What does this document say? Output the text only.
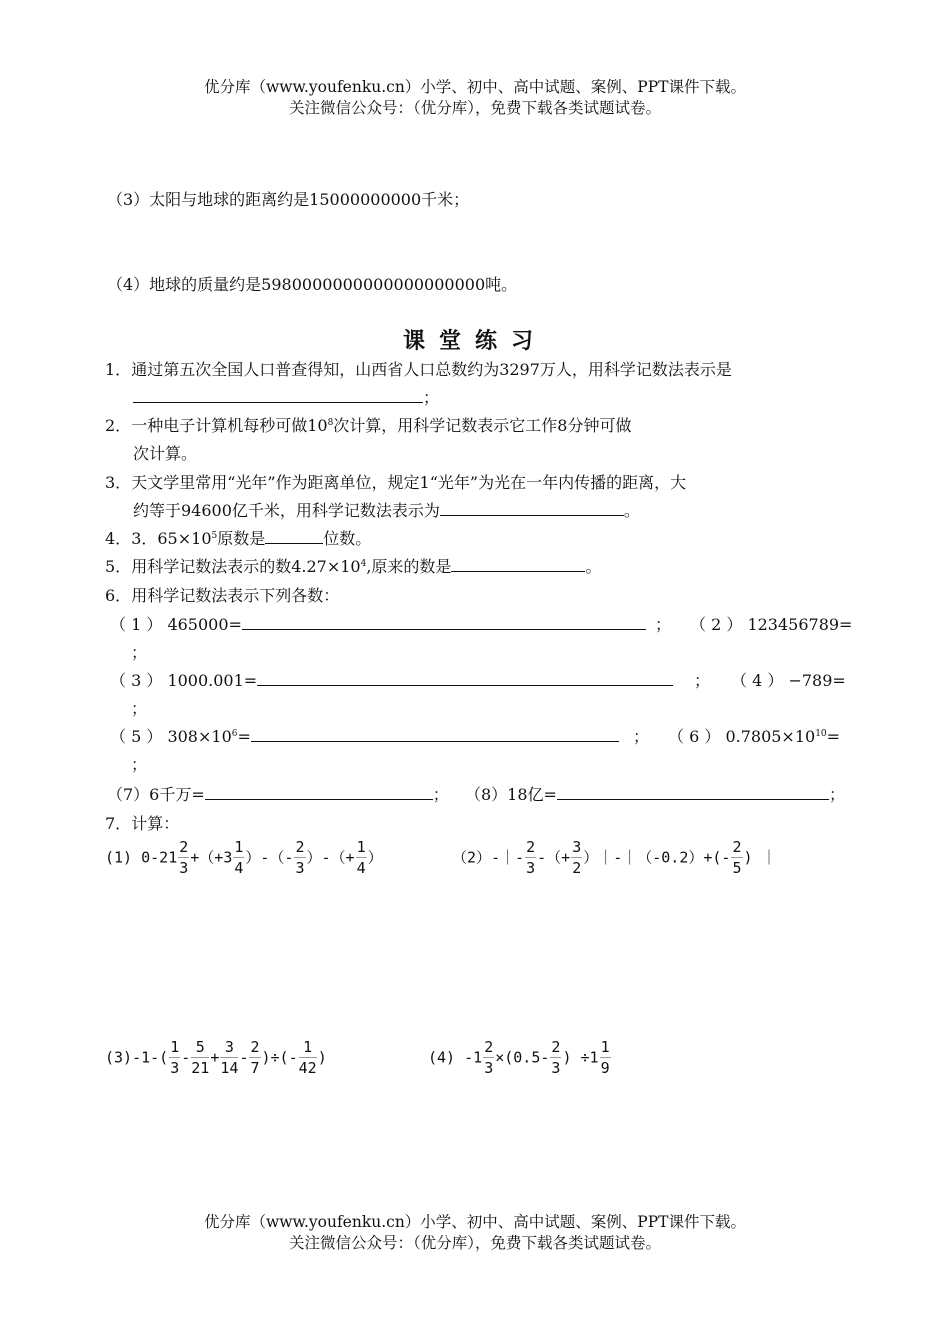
优分库（www.youfenku.cn）小学、初中、高中试题、案例、PPT课件下载。
关注微信公众号：（优分库），免费下载各类试题试卷。
（3）太阳与地球的距离约是15000000000千米；
（4）地球的质量约是5980000000000000000000吨。
课堂练习
1．通过第五次全国人口普查得知，山西省人口总数约为3297万人，用科学记数法表示是
；
2．一种电子计算机每秒可做$10^8$次计算，用科学记数表示它工作8分钟可做
次计算。
3．天文学里常用“光年”作为距离单位，规定1“光年”为光在一年内传播的距离，大
约等于94600亿千米，用科学记数法表示为	。
4．3．$65\times 10^5$原数是	位数。
5．用科学记数法表示的数$4.27\times 10^4$,原来的数是	。
6．用科学记数法表示下列各数：
（ 1 ） 465000=	； （ 2 ） 123456789=
；
（ 3 ） 1000.001=	； （ 4 ） −789=
；
（ 5 ） $308\times 10^6=$	； （ 6 ） $0.7805\times 10^{10}=$
；
（7）6千万=	； （8）18亿=	；
7．计算：
(1) $0-21 \frac{2}{3} +(+3 \frac{1}{4}$ ）-（- $\frac{2}{3}$ ）-（+ $\frac{1}{4}$ ）	（2）-｜- $\frac{2}{3}$ -（+ $\frac{3}{2}$ ）｜-｜（-0.2）+(- $\frac{2}{5}$ ) ｜
$(3)-1-( \frac{1}{3} - \frac{5}{21} + \frac{3}{14} - \frac{2}{7}$ )÷(- $\frac{1}{42}$ )	(4) $-1 \frac{2}{3} \times(0.5- \frac{2}{3}$ ) $\div 1 \frac{1}{9}$
优分库（www.youfenku.cn）小学、初中、高中试题、案例、PPT课件下载。
关注微信公众号：（优分库），免费下载各类试题试卷。
